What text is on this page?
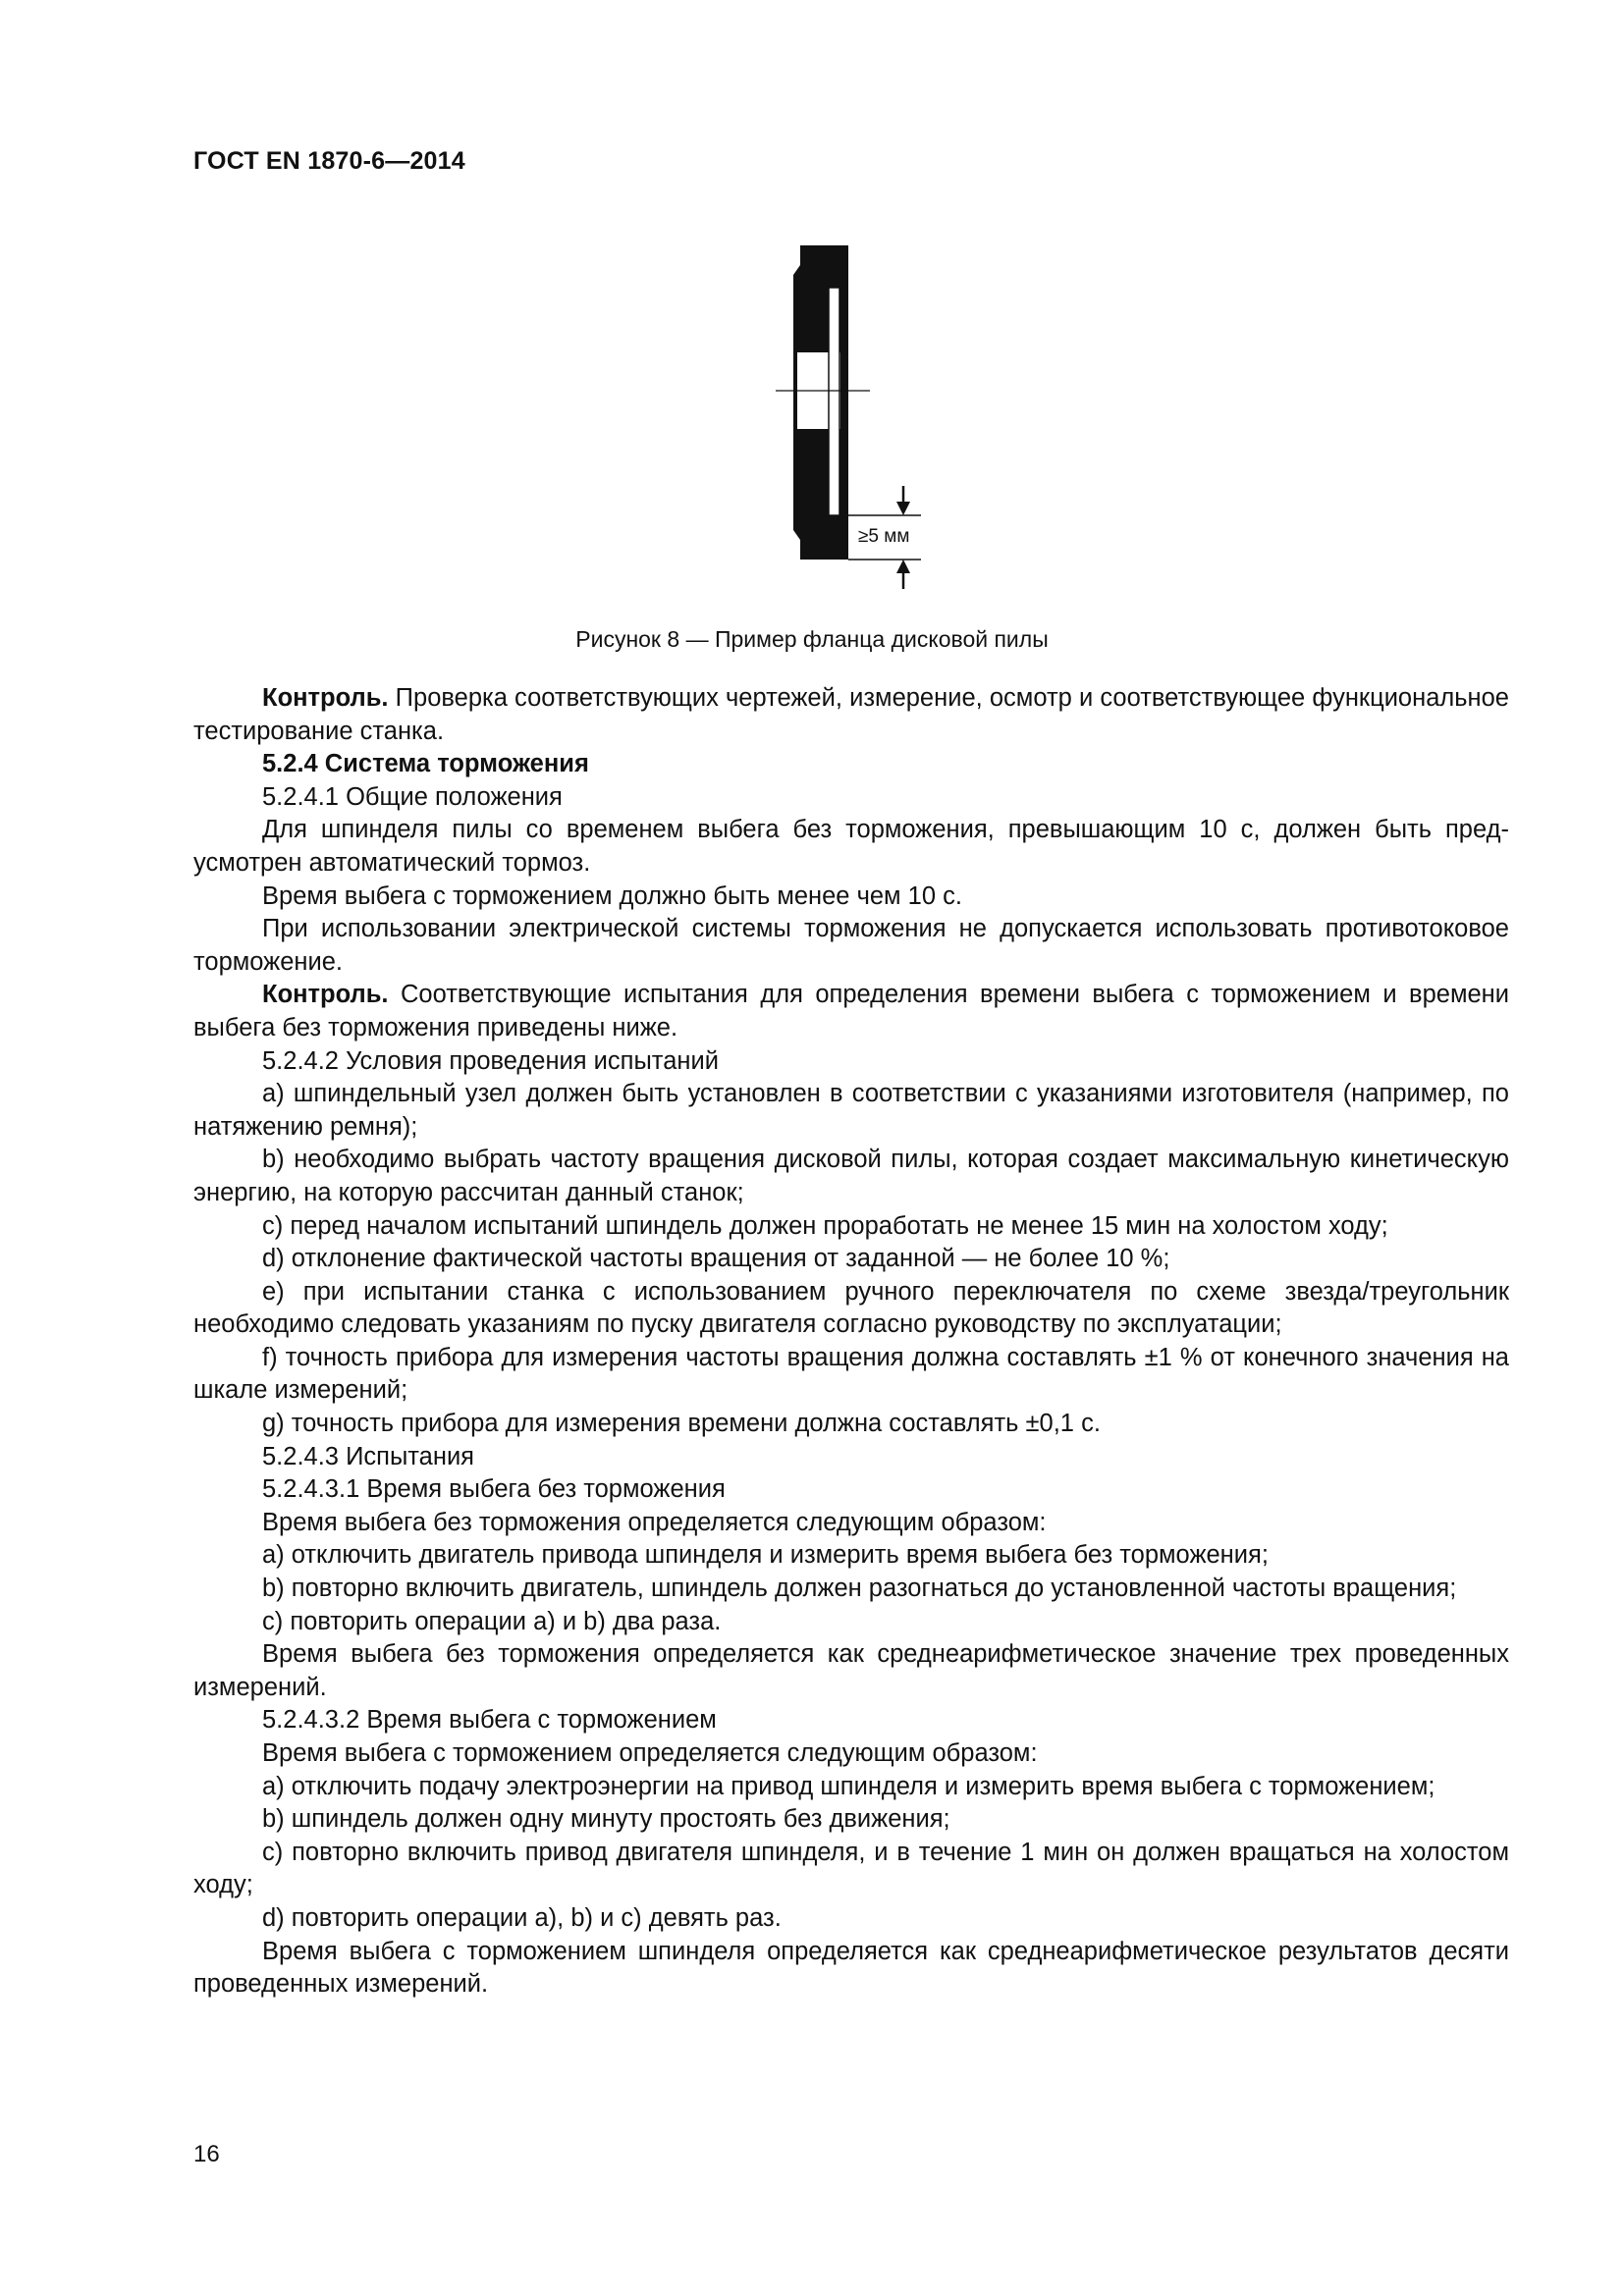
ГОСТ EN 1870-6—2014
≥5 мм
Рисунок 8 — Пример фланца дисковой пилы

Контроль. Проверка соответствующих чертежей, измерение, осмотр и соответствующее функциональное тестирование станка.

5.2.4 Система торможения

5.2.4.1 Общие положения

Для шпинделя пилы со временем выбега без торможения, превышающим 10 с, должен быть предусмотрен автоматический тормоз.

Время выбега с торможением должно быть менее чем 10 с.

При использовании электрической системы торможения не допускается использовать противотоковое торможение.

Контроль. Соответствующие испытания для определения времени выбега с торможением и времени выбега без торможения приведены ниже.

5.2.4.2 Условия проведения испытаний

a) шпиндельный узел должен быть установлен в соответствии с указаниями изготовителя (например, по натяжению ремня);

b) необходимо выбрать частоту вращения дисковой пилы, которая создает максимальную кинетическую энергию, на которую рассчитан данный станок;

c) перед началом испытаний шпиндель должен проработать не менее 15 мин на холостом ходу;

d) отклонение фактической частоты вращения от заданной — не более 10 %;

e) при испытании станка с использованием ручного переключателя по схеме звезда/треугольник необходимо следовать указаниям по пуску двигателя согласно руководству по эксплуатации;

f) точность прибора для измерения частоты вращения должна составлять ±1 % от конечного значения на шкале измерений;

g) точность прибора для измерения времени должна составлять ±0,1 с.

5.2.4.3 Испытания

5.2.4.3.1 Время выбега без торможения

Время выбега без торможения определяется следующим образом:

a) отключить двигатель привода шпинделя и измерить время выбега без торможения;

b) повторно включить двигатель, шпиндель должен разогнаться до установленной частоты вращения;

c) повторить операции a) и b) два раза.

Время выбега без торможения определяется как среднеарифметическое значение трех проведенных измерений.

5.2.4.3.2 Время выбега с торможением

Время выбега с торможением определяется следующим образом:

a) отключить подачу электроэнергии на привод шпинделя и измерить время выбега с торможением;

b) шпиндель должен одну минуту простоять без движения;

c) повторно включить привод двигателя шпинделя, и в течение 1 мин он должен вращаться на холостом ходу;

d) повторить операции a), b) и c) девять раз.

Время выбега с торможением шпинделя определяется как среднеарифметическое результатов десяти проведенных измерений.

16
